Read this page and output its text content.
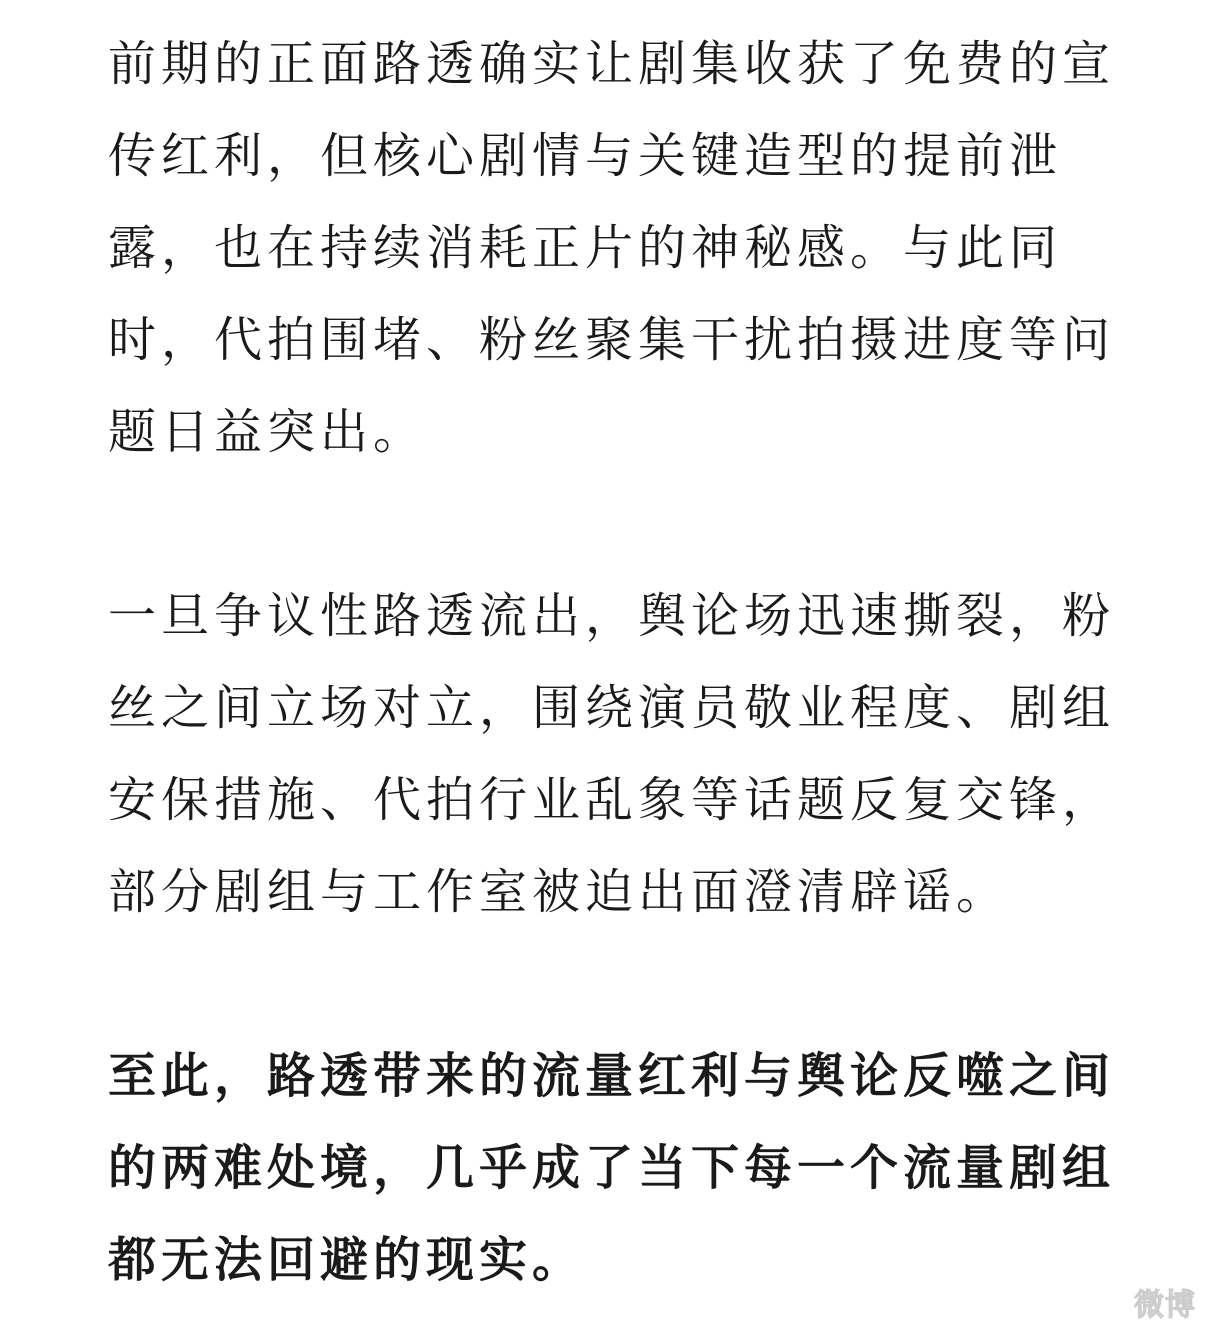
前期的正面路透确实让剧集收获了免费的宣
传红利，但核心剧情与关键造型的提前泄
露，也在持续消耗正片的神秘感。与此同
时，代拍围堵、粉丝聚集干扰拍摄进度等问
题日益突出。

一旦争议性路透流出，舆论场迅速撕裂，粉
丝之间立场对立，围绕演员敬业程度、剧组
安保措施、代拍行业乱象等话题反复交锋，
部分剧组与工作室被迫出面澄清辟谣。

至此，路透带来的流量红利与舆论反噬之间
的两难处境，几乎成了当下每一个流量剧组
都无法回避的现实。

微博
